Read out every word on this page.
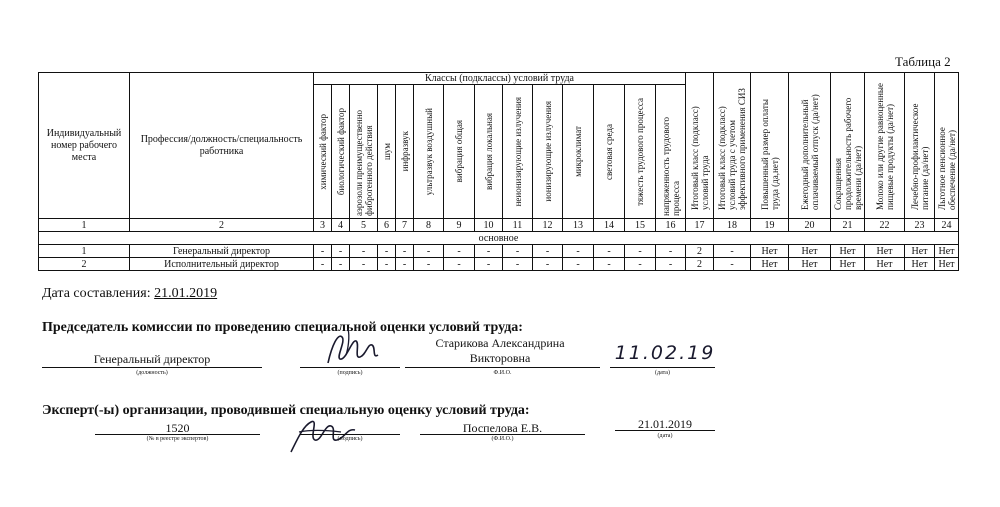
Таблица 2
Индивидуальный номер рабочего места	Профессия/должность/специальность работника	Классы (подклассы) условий труда														Итоговый класс (подкласс) условий труда	Итоговый класс (подкласс) условий труда с учетом эффективного применения СИЗ	Повышенный размер оплаты труда (да,нет)	Ежегодный дополнительный оплачиваемый отпуск (да/нет)	Сокращенная продолжительность рабочего времени (да/нет)	Молоко или другие равноценные пищевые продукты (да/нет)	Лечебно-профилактическое питание (да/нет)	Льготное пенсионное обеспечение (да/нет)

		химический фактор	биологический фактор	аэрозоли преимущественно фиброгенного действия	шум	инфразвук	ультразвук воздушный	вибрация общая	вибрация локальная	неионизирующие излучения	ионизирующие излучения	микроклимат	световая среда	тяжесть трудового процесса	напряженность трудового процесса								

1	2	3	4	5	6	7	8	9	10	11	12	13	14	15	16	17	18	19	20	21	22	23	24
основное																							
1	Генеральный директор	-	-	-	-	-	-	-	-	-	-	-	-	-	-	2	-	Нет	Нет	Нет	Нет	Нет	Нет
2	Исполнительный директор	-	-	-	-	-	-	-	-	-	-	-	-	-	-	2	-	Нет	Нет	Нет	Нет	Нет	Нет
Дата составления: 21.01.2019
Председатель комиссии по проведению специальной оценки условий труда:
Генеральный директор
(должность)	(подпись)
Старикова Александрина Викторовна
Ф.И.О.
11.02.19
(дата)
Эксперт(-ы) организации, проводившей специальную оценку условий труда:
1520
(№ в реестре экспертов)	(подпись)
Поспелова Е.В.
(Ф.И.О.)
21.01.2019
(дата)
